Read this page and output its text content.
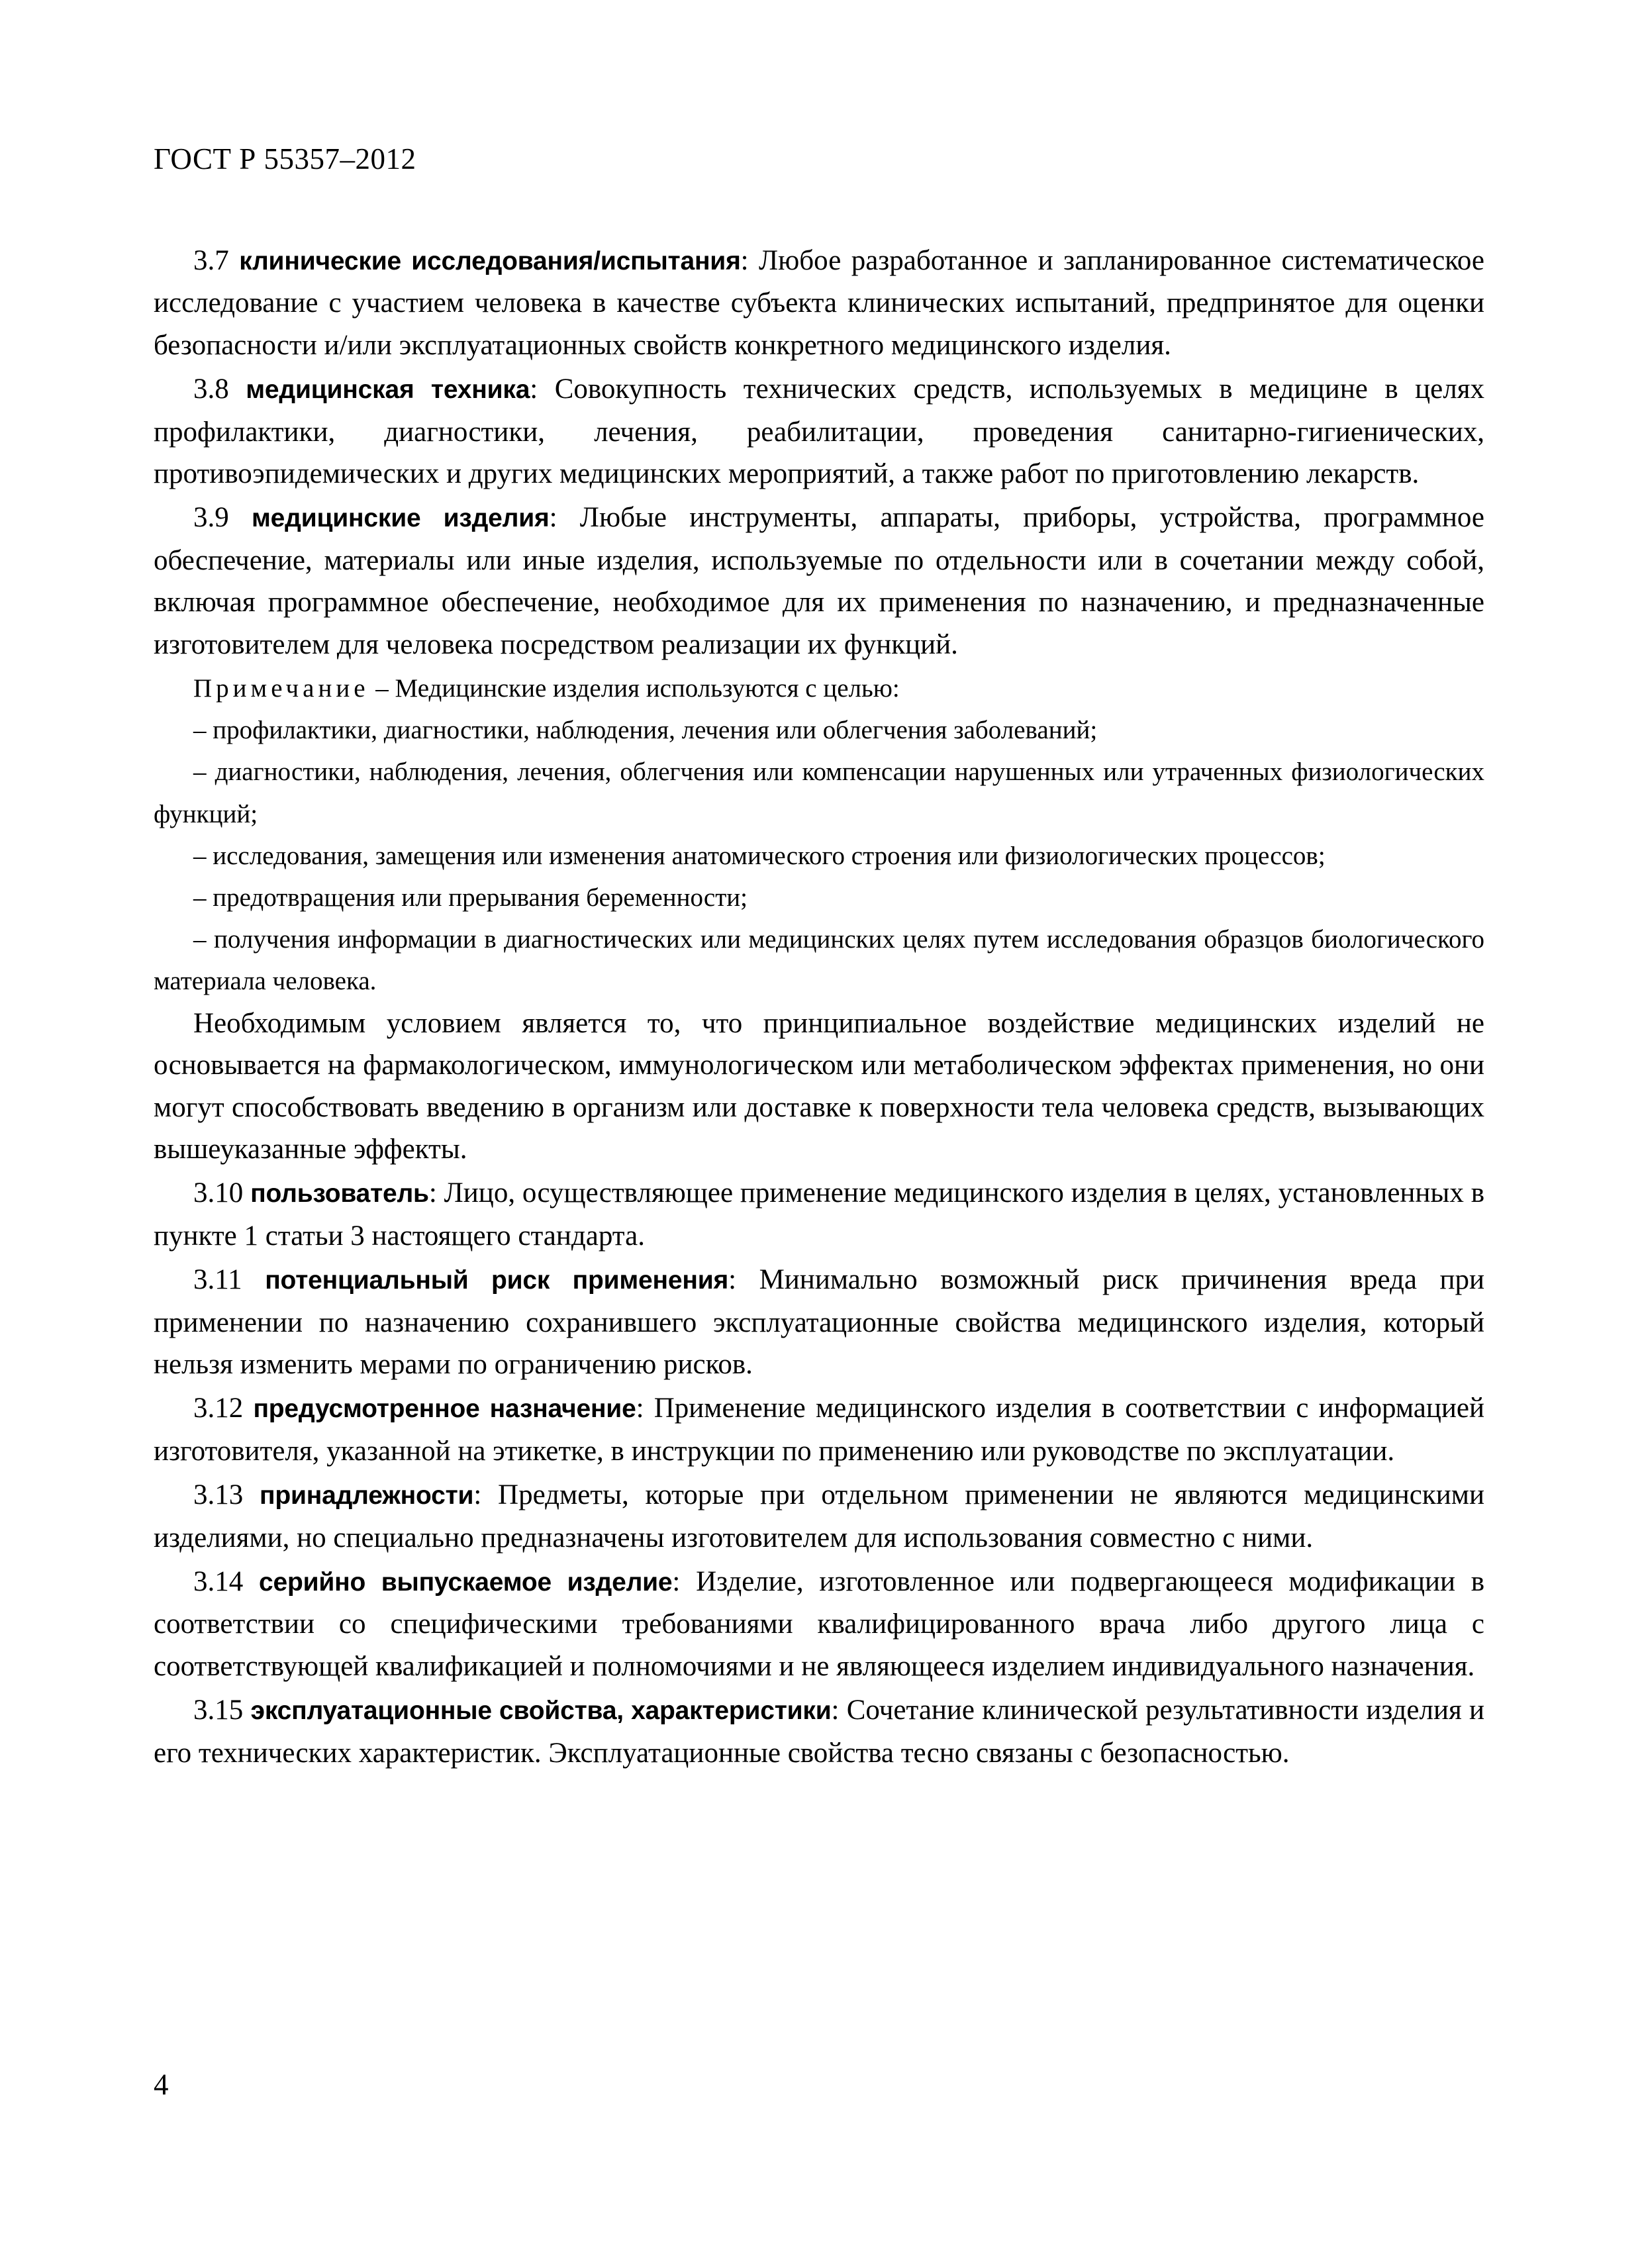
ГОСТ Р 55357–2012

3.7 клинические исследования/испытания: Любое разработанное и запланированное систематическое исследование с участием человека в качестве субъекта клинических испытаний, предпринятое для оценки безопасности и/или эксплуатационных свойств конкретного медицинского изделия.

3.8 медицинская техника: Совокупность технических средств, используемых в медицине в целях профилактики, диагностики, лечения, реабилитации, проведения санитарно-гигиенических, противоэпидемических и других медицинских мероприятий, а также работ по приготовлению лекарств.

3.9 медицинские изделия: Любые инструменты, аппараты, приборы, устройства, программное обеспечение, материалы или иные изделия, используемые по отдельности или в сочетании между собой, включая программное обеспечение, необходимое для их применения по назначению, и предназначенные изготовителем для человека посредством реализации их функций.

Примечание – Медицинские изделия используются с целью:

– профилактики, диагностики, наблюдения, лечения или облегчения заболеваний;

– диагностики, наблюдения, лечения, облегчения или компенсации нарушенных или утраченных физиологических функций;

– исследования, замещения или изменения анатомического строения или физиологических процессов;

– предотвращения или прерывания беременности;

– получения информации в диагностических или медицинских целях путем исследования образцов биологического материала человека.

Необходимым условием является то, что принципиальное воздействие медицинских изделий не основывается на фармакологическом, иммунологическом или метаболическом эффектах применения, но они могут способствовать введению в организм или доставке к поверхности тела человека средств, вызывающих вышеуказанные эффекты.

3.10 пользователь: Лицо, осуществляющее применение медицинского изделия в целях, установленных в пункте 1 статьи 3 настоящего стандарта.

3.11 потенциальный риск применения: Минимально возможный риск причинения вреда при применении по назначению сохранившего эксплуатационные свойства медицинского изделия, который нельзя изменить мерами по ограничению рисков.

3.12 предусмотренное назначение: Применение медицинского изделия в соответствии с информацией изготовителя, указанной на этикетке, в инструкции по применению или руководстве по эксплуатации.

3.13 принадлежности: Предметы, которые при отдельном применении не являются медицинскими изделиями, но специально предназначены изготовителем для использования совместно с ними.

3.14 серийно выпускаемое изделие: Изделие, изготовленное или подвергающееся модификации в соответствии со специфическими требованиями квалифицированного врача либо другого лица с соответствующей квалификацией и полномочиями и не являющееся изделием индивидуального назначения.

3.15 эксплуатационные свойства, характеристики: Сочетание клинической результативности изделия и его технических характеристик. Эксплуатационные свойства тесно связаны с безопасностью.

4
